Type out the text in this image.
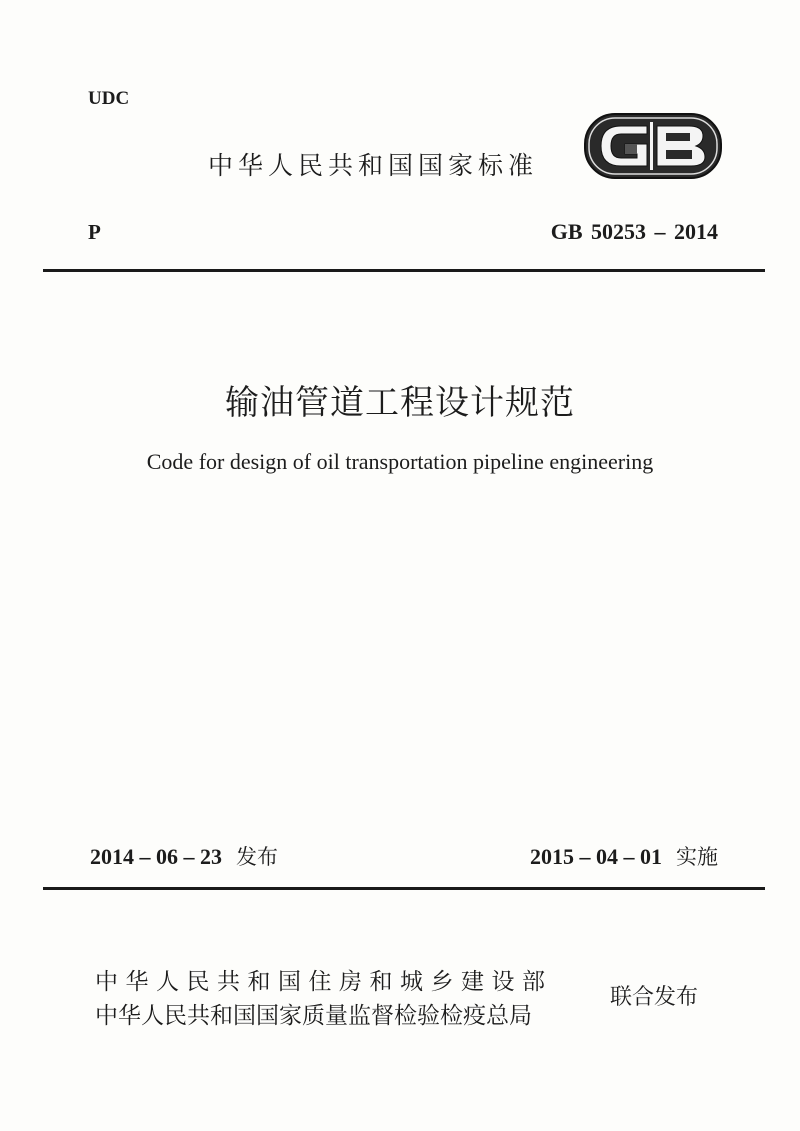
UDC
中华人民共和国国家标准
P	GB 50253 – 2014
输油管道工程设计规范
Code for design of oil transportation pipeline engineering
2014 – 06 – 23 发布	2015 – 04 – 01 实施
中华人民共和国住房和城乡建设部
中华人民共和国国家质量监督检验检疫总局
联合发布
